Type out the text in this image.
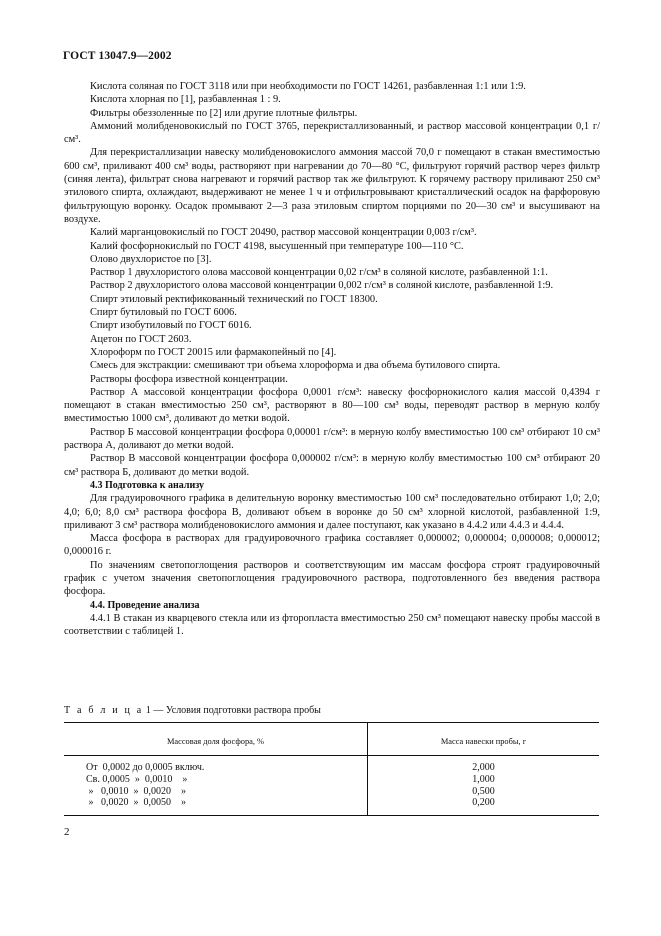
ГОСТ 13047.9—2002

Кислота соляная по ГОСТ 3118 или при необходимости по ГОСТ 14261, разбавленная 1:1 или 1:9.

Кислота хлорная по [1], разбавленная 1 : 9.

Фильтры обеззоленные по [2] или другие плотные фильтры.

Аммоний молибденовокислый по ГОСТ 3765, перекристаллизованный, и раствор массовой концентрации 0,1 г/см³.

Для перекристаллизации навеску молибденовокислого аммония массой 70,0 г помещают в стакан вместимостью 600 см³, приливают 400 см³ воды, растворяют при нагревании до 70—80 °С, фильтруют горячий раствор через фильтр (синяя лента), фильтрат снова нагревают и горячий раствор так же фильтруют. К горячему раствору приливают 250 см³ этилового спирта, охлаждают, выдерживают не менее 1 ч и отфильтровывают кристаллический осадок на фарфоровую фильтрующую воронку. Осадок промывают 2—3 раза этиловым спиртом порциями по 20—30 см³ и высушивают на воздухе.

Калий марганцовокислый по ГОСТ 20490, раствор массовой концентрации 0,003 г/см³.

Калий фосфорнокислый по ГОСТ 4198, высушенный при температуре 100—110 °С.

Олово двухлористое по [3].

Раствор 1 двухлористого олова массовой концентрации 0,02 г/см³ в соляной кислоте, разбавленной 1:1.

Раствор 2 двухлористого олова массовой концентрации 0,002 г/см³ в соляной кислоте, разбавленной 1:9.

Спирт этиловый ректификованный технический по ГОСТ 18300.

Спирт бутиловый по ГОСТ 6006.

Спирт изобутиловый по ГОСТ 6016.

Ацетон по ГОСТ 2603.

Хлороформ по ГОСТ 20015 или фармакопейный по [4].

Смесь для экстракции: смешивают три объема хлороформа и два объема бутилового спирта.

Растворы фосфора известной концентрации.

Раствор А массовой концентрации фосфора 0,0001 г/см³: навеску фосфорнокислого калия массой 0,4394 г помещают в стакан вместимостью 250 см³, растворяют в 80—100 см³ воды, переводят раствор в мерную колбу вместимостью 1000 см³, доливают до метки водой.

Раствор Б массовой концентрации фосфора 0,00001 г/см³: в мерную колбу вместимостью 100 см³ отбирают 10 см³ раствора А, доливают до метки водой.

Раствор В массовой концентрации фосфора 0,000002 г/см³: в мерную колбу вместимостью 100 см³ отбирают 20 см³ раствора Б, доливают до метки водой.

4.3 Подготовка к анализу

Для градуировочного графика в делительную воронку вместимостью 100 см³ последовательно отбирают 1,0; 2,0; 4,0; 6,0; 8,0 см³ раствора фосфора В, доливают объем в воронке до 50 см³ хлорной кислотой, разбавленной 1:9, приливают 3 см³ раствора молибденовокислого аммония и далее поступают, как указано в 4.4.2 или 4.4.3 и 4.4.4.

Масса фосфора в растворах для градуировочного графика составляет 0,000002; 0,000004; 0,000008; 0,000012; 0,000016 г.

По значениям светопоглощения растворов и соответствующим им массам фосфора строят градуировочный график с учетом значения светопоглощения градуировочного раствора, подготовленного без введения раствора фосфора.

4.4. Проведение анализа

4.4.1 В стакан из кварцевого стекла или из фторопласта вместимостью 250 см³ помещают навеску пробы массой в соответствии с таблицей 1.

Т а б л и ц а 1 — Условия подготовки раствора пробы
Массовая доля фосфора, %	Масса навески пробы, г
От  0,0002 до 0,0005 включ.
Св. 0,0005  »  0,0010    »
»   0,0010  »  0,0020    »
»   0,0020  »  0,0050    »
2,000
1,000
0,500
0,200
2
